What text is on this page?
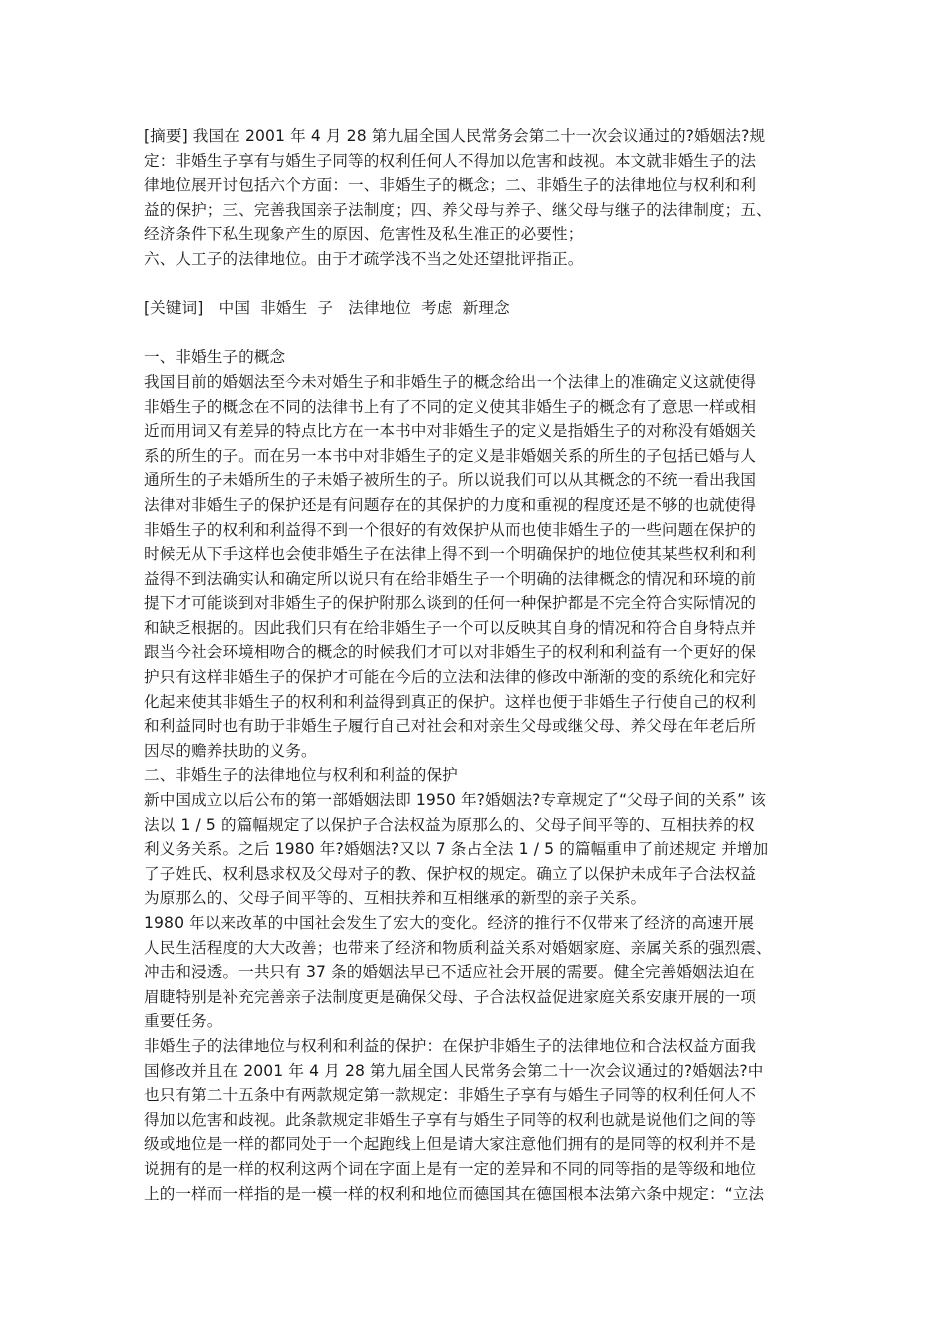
[摘要] 我国在 2001 年 4 月 28 第九届全国人民常务会第二十一次会议通过的?婚姻法?规
定：非婚生子享有与婚生子同等的权利任何人不得加以危害和歧视。本文就非婚生子的法
律地位展开讨包括六个方面：一、非婚生子的概念；二、非婚生子的法律地位与权利和利
益的保护；三、完善我国亲子法制度；四、养父母与养子、继父母与继子的法律制度；五、
经济条件下私生现象产生的原因、危害性及私生准正的必要性；
六、人工子的法律地位。由于才疏学浅不当之处还望批评指正。
[关键词]   中国  非婚生  子   法律地位  考虑  新理念
一、非婚生子的概念
我国目前的婚姻法至今未对婚生子和非婚生子的概念给出一个法律上的准确定义这就使得
非婚生子的概念在不同的法律书上有了不同的定义使其非婚生子的概念有了意思一样或相
近而用词又有差异的特点比方在一本书中对非婚生子的定义是指婚生子的对称没有婚姻关
系的所生的子。而在另一本书中对非婚生子的定义是非婚姻关系的所生的子包括已婚与人
通所生的子未婚所生的子未婚子被所生的子。所以说我们可以从其概念的不统一看出我国
法律对非婚生子的保护还是有问题存在的其保护的力度和重视的程度还是不够的也就使得
非婚生子的权利和利益得不到一个很好的有效保护从而也使非婚生子的一些问题在保护的
时候无从下手这样也会使非婚生子在法律上得不到一个明确保护的地位使其某些权利和利
益得不到法确实认和确定所以说只有在给非婚生子一个明确的法律概念的情况和环境的前
提下才可能谈到对非婚生子的保护附那么谈到的任何一种保护都是不完全符合实际情况的
和缺乏根据的。因此我们只有在给非婚生子一个可以反映其自身的情况和符合自身特点并
跟当今社会环境相吻合的概念的时候我们才可以对非婚生子的权利和利益有一个更好的保
护只有这样非婚生子的保护才可能在今后的立法和法律的修改中渐渐的变的系统化和完好
化起来使其非婚生子的权利和利益得到真正的保护。这样也便于非婚生子行使自己的权利
和利益同时也有助于非婚生子履行自己对社会和对亲生父母或继父母、养父母在年老后所
因尽的赡养扶助的义务。
二、非婚生子的法律地位与权利和利益的保护
新中国成立以后公布的第一部婚姻法即 1950 年?婚姻法?专章规定了“父母子间的关系” 该
法以 1 / 5 的篇幅规定了以保护子合法权益为原那么的、父母子间平等的、互相扶养的权
利义务关系。之后 1980 年?婚姻法?又以 7 条占全法 1 / 5 的篇幅重申了前述规定 并增加
了子姓氏、权利恳求权及父母对子的教、保护权的规定。确立了以保护未成年子合法权益
为原那么的、父母子间平等的、互相扶养和互相继承的新型的亲子关系。
1980 年以来改革的中国社会发生了宏大的变化。经济的推行不仅带来了经济的高速开展
人民生活程度的大大改善；也带来了经济和物质利益关系对婚姻家庭、亲属关系的强烈震、
冲击和浸透。一共只有 37 条的婚姻法早已不适应社会开展的需要。健全完善婚姻法迫在
眉睫特别是补充完善亲子法制度更是确保父母、子合法权益促进家庭关系安康开展的一项
重要任务。
非婚生子的法律地位与权利和利益的保护：在保护非婚生子的法律地位和合法权益方面我
国修改并且在 2001 年 4 月 28 第九届全国人民常务会第二十一次会议通过的?婚姻法?中
也只有第二十五条中有两款规定第一款规定：非婚生子享有与婚生子同等的权利任何人不
得加以危害和歧视。此条款规定非婚生子享有与婚生子同等的权利也就是说他们之间的等
级或地位是一样的都同处于一个起跑线上但是请大家注意他们拥有的是同等的权利并不是
说拥有的是一样的权利这两个词在字面上是有一定的差异和不同的同等指的是等级和地位
上的一样而一样指的是一模一样的权利和地位而德国其在德国根本法第六条中规定：“立法
